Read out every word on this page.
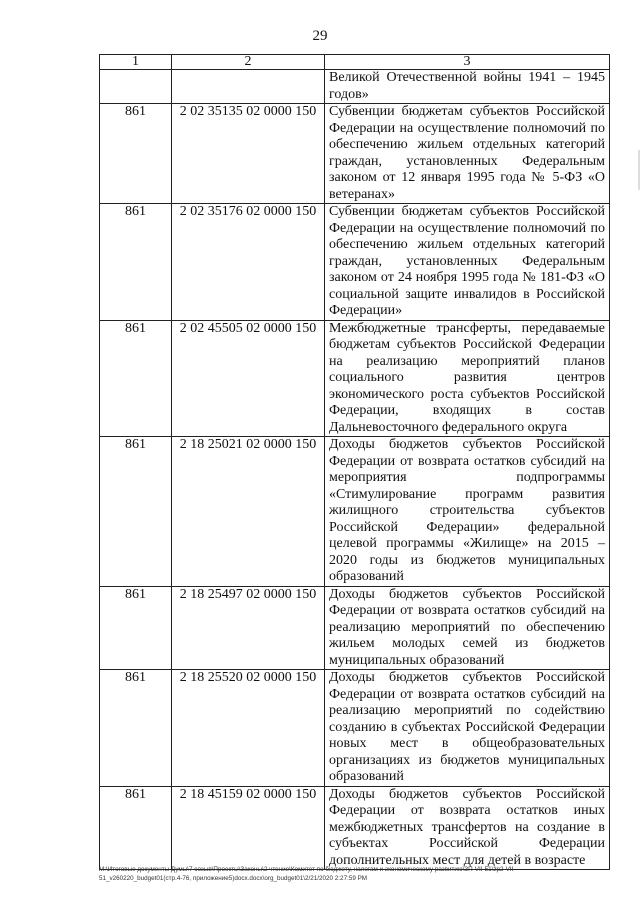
29
1	2	3
		Великой Отечественной войны 1941 – 1945 годов»
861	2 02 35135 02 0000 150	Субвенции бюджетам субъектов Российской Федерации на осуществление полномочий по обеспечению жильем отдельных категорий граждан, установленных Федеральным законом от 12 января 1995 года № 5-ФЗ «О ветеранах»
861	2 02 35176 02 0000 150	Субвенции бюджетам субъектов Российской Федерации на осуществление полномочий по обеспечению жильем отдельных категорий граждан, установленных Федеральным законом от 24 ноября 1995 года № 181-ФЗ «О социальной защите инвалидов в Российской Федерации»
861	2 02 45505 02 0000 150	Межбюджетные трансферты, передаваемые бюджетам субъектов Российской Федерации на реализацию мероприятий планов социального развития центров экономического роста субъектов Российской Федерации, входящих в состав Дальневосточного федерального округа
861	2 18 25021 02 0000 150	Доходы бюджетов субъектов Российской Федерации от возврата остатков субсидий на мероприятия подпрограммы «Стимулирование программ развития жилищного строительства субъектов Российской Федерации» федеральной целевой программы «Жилище» на 2015 – 2020 годы из бюджетов муниципальных образований
861	2 18 25497 02 0000 150	Доходы бюджетов субъектов Российской Федерации от возврата остатков субсидий на реализацию мероприятий по обеспечению жильем молодых семей из бюджетов муниципальных образований
861	2 18 25520 02 0000 150	Доходы бюджетов субъектов Российской Федерации от возврата остатков субсидий на реализацию мероприятий по содействию созданию в субъектах Российской Федерации новых мест в общеобразовательных организациях из бюджетов муниципальных образований
861	2 18 45159 02 0000 150	Доходы бюджетов субъектов Российской Федерации от возврата остатков иных межбюджетных трансфертов на создание в субъектах Российской Федерации дополнительных мест для детей в возрасте
M:\Итоговые документы Думы\7 созыв\Проекты\Законы\2 чтение\Комитет по бюджету, налогам и экономическому развитию\ЗП-VII-51\zp2-VII-
51_v260220_budget01(стр.4-76, приложение5)docx.docx\org_budget01\2/21/2020 2:27:59 PM
